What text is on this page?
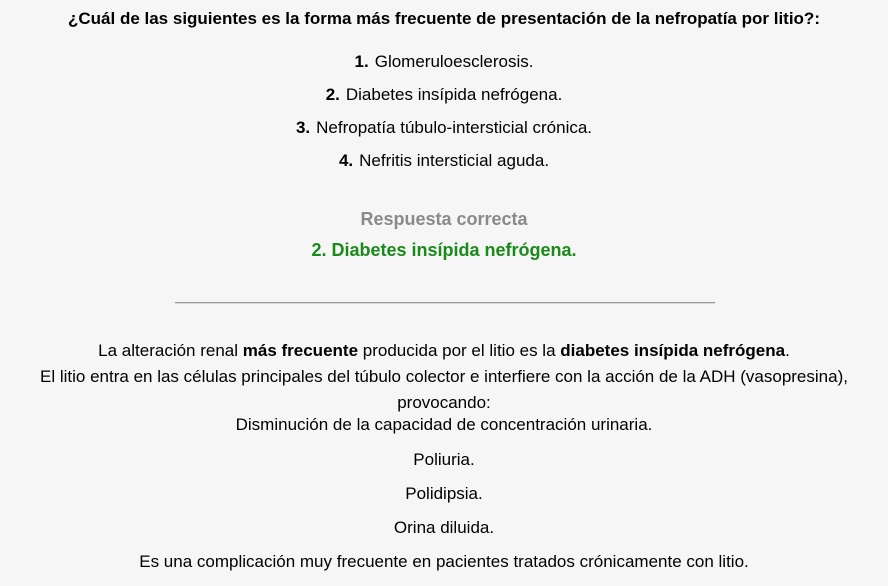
¿Cuál de las siguientes es la forma más frecuente de presentación de la nefropatía por litio?:
1. Glomeruloesclerosis.
2. Diabetes insípida nefrógena.
3. Nefropatía túbulo-intersticial crónica.
4. Nefritis intersticial aguda.
Respuesta correcta
2. Diabetes insípida nefrógena.
La alteración renal más frecuente producida por el litio es la diabetes insípida nefrógena.
El litio entra en las células principales del túbulo colector e interfiere con la acción de la ADH (vasopresina),
provocando:
Disminución de la capacidad de concentración urinaria.
Poliuria.
Polidipsia.
Orina diluida.
Es una complicación muy frecuente en pacientes tratados crónicamente con litio.
